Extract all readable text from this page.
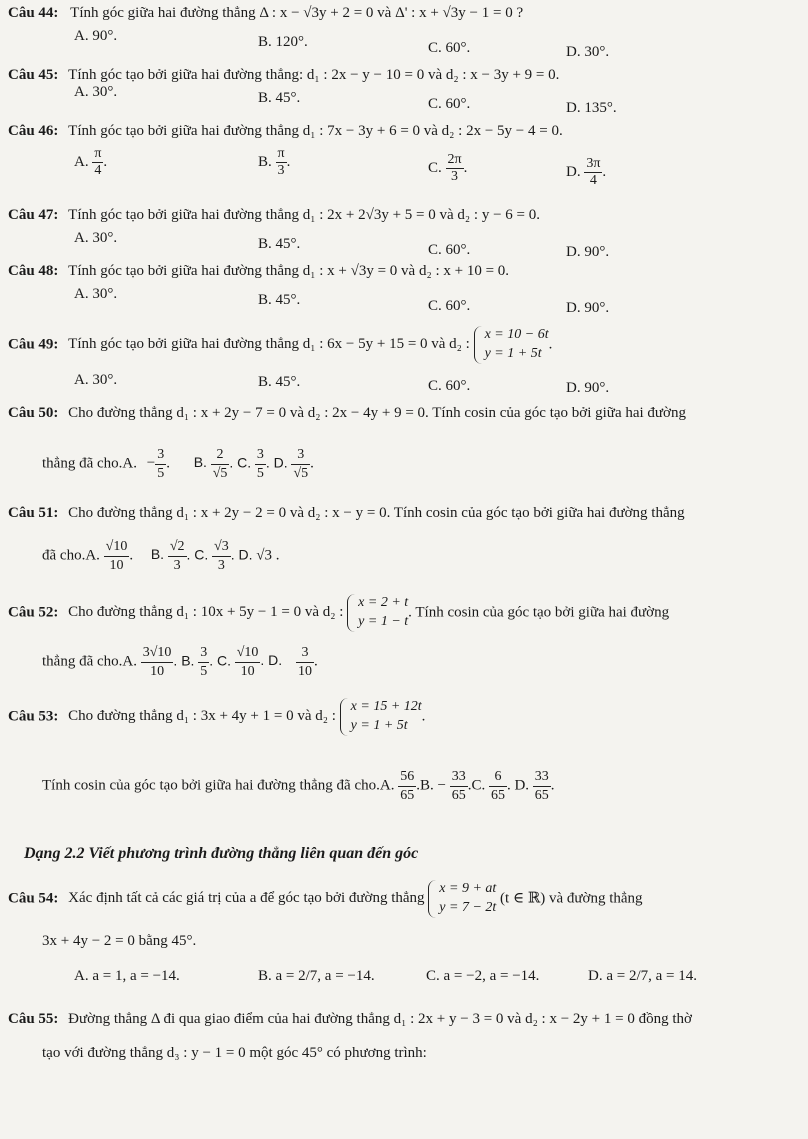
Câu 44: Tính góc giữa hai đường thẳng Δ : x − √3y + 2 = 0 và Δ' : x + √3y − 1 = 0 ?
A. 90°.	B. 120°.	C. 60°.	D. 30°.
Câu 45: Tính góc tạo bởi giữa hai đường thẳng: d₁ : 2x − y − 10 = 0 và d₂ : x − 3y + 9 = 0.
A. 30°.	B. 45°.	C. 60°.	D. 135°.
Câu 46: Tính góc tạo bởi giữa hai đường thẳng d₁ : 7x − 3y + 6 = 0 và d₂ : 2x − 5y − 4 = 0.
A. $\frac{\pi}{4}$ .	B. $\frac{\pi}{3}$ .	C. $\frac{2\pi}{3}$ .	D. $\frac{3\pi}{4}$ .
Câu 47: Tính góc tạo bởi giữa hai đường thẳng d₁ : 2x + 2√3y + 5 = 0 và d₂ : y − 6 = 0.
A. 30°.	B. 45°.	C. 60°.	D. 90°.
Câu 48: Tính góc tạo bởi giữa hai đường thẳng d₁ : x + √3y = 0 và d₂ : x + 10 = 0.
A. 30°.	B. 45°.	C. 60°.	D. 90°.
Câu 49: Tính góc tạo bởi giữa hai đường thẳng d₁ : 6x − 5y + 15 = 0 và d₂ :
x = 10 − 6t
y = 1 + 5t
.
A. 30°.	B. 45°.	C. 60°.	D. 90°.
Câu 50: Cho đường thẳng d₁ : x + 2y − 7 = 0 và d₂ : 2x − 4y + 9 = 0. Tính cosin của góc tạo bởi giữa hai đường
thẳng đã cho.A. − $\frac{3}{5}$ . B. $\frac{2}{√5}$ . C. $\frac{3}{5}$ . D. $\frac{3}{√5}$ .
Câu 51: Cho đường thẳng d₁ : x + 2y − 2 = 0 và d₂ : x − y = 0. Tính cosin của góc tạo bởi giữa hai đường thẳng
đã cho.A. $\frac{√10}{10}$ . B. $\frac{√2}{3}$ . C. $\frac{√3}{3}$ . D. √3 .
Câu 52: Cho đường thẳng d₁ : 10x + 5y − 1 = 0 và d₂ :
x = 2 + t
y = 1 − t
. Tính cosin của góc tạo bởi giữa hai đường
thẳng đã cho.A. $\frac{3√10}{10}$ . B. $\frac{3}{5}$ . C. $\frac{√10}{10}$ . D. $\frac{3}{10}$ .
Câu 53: Cho đường thẳng d₁ : 3x + 4y + 1 = 0 và d₂ :
x = 15 + 12t
y = 1 + 5t
.
Tính cosin của góc tạo bởi giữa hai đường thẳng đã cho.A. $\frac{56}{65} .B$. − $\frac{33}{65} .C$. $\frac{6}{65}$ . D. $\frac{33}{65}$ .
Dạng 2.2 Viết phương trình đường thẳng liên quan đến góc
Câu 54: Xác định tất cả các giá trị của a để góc tạo bởi đường thẳng
x = 9 + at
y = 7 − 2t
(t ∈ ℝ) và đường thẳng
3x + 4y − 2 = 0 bằng 45°.
A. a = 1, a = −14.	B. a = 2/7, a = −14.	C. a = −2, a = −14.	D. a = 2/7, a = 14.
Câu 55: Đường thẳng Δ đi qua giao điểm của hai đường thẳng d₁ : 2x + y − 3 = 0 và d₂ : x − 2y + 1 = 0 đồng thờ
tạo với đường thẳng d₃ : y − 1 = 0 một góc 45° có phương trình:
